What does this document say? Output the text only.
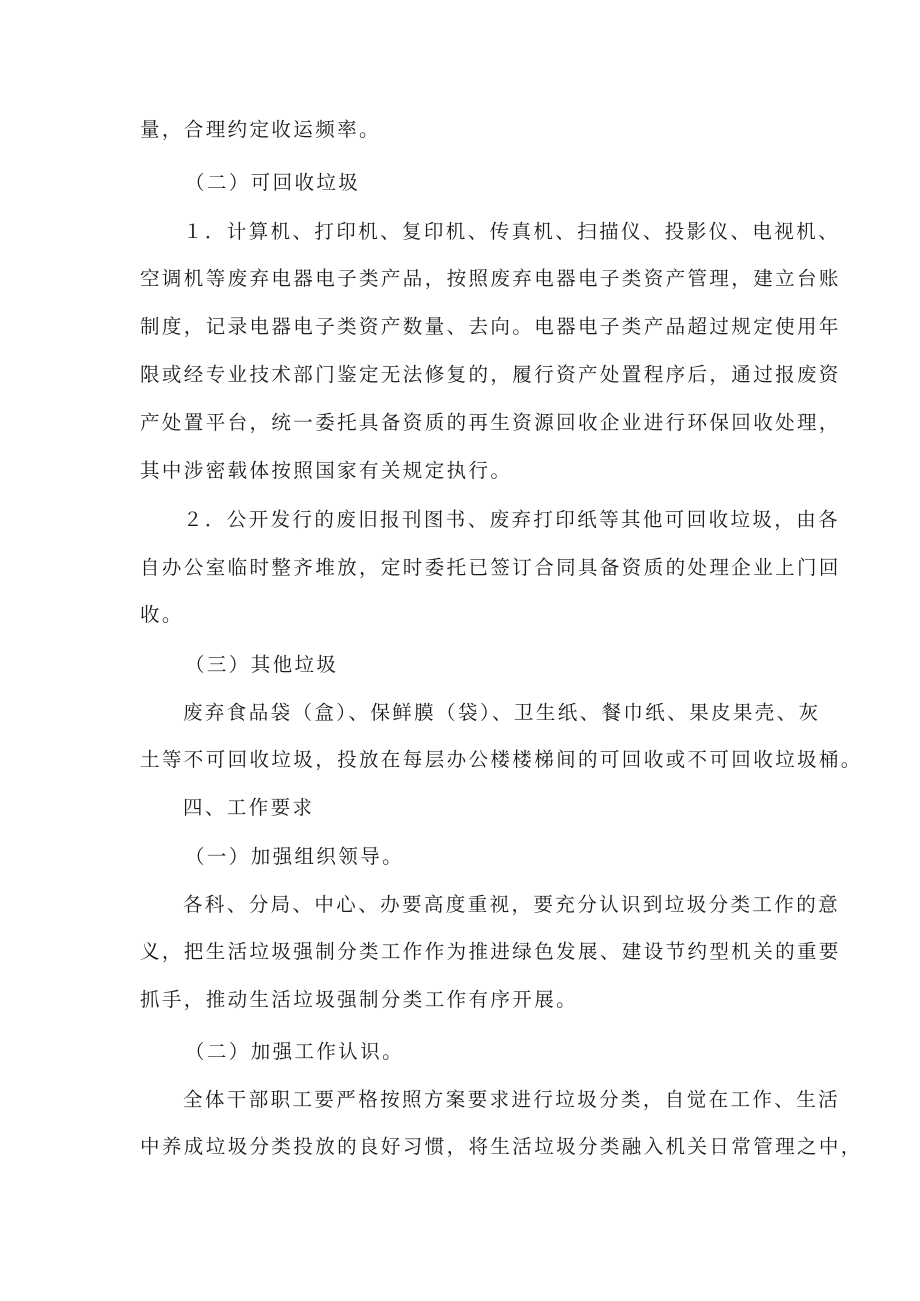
量，合理约定收运频率。
（二）可回收垃圾
１．计算机、打印机、复印机、传真机、扫描仪、投影仪、电视机、
空调机等废弃电器电子类产品，按照废弃电器电子类资产管理，建立台账
制度，记录电器电子类资产数量、去向。电器电子类产品超过规定使用年
限或经专业技术部门鉴定无法修复的，履行资产处置程序后，通过报废资
产处置平台，统一委托具备资质的再生资源回收企业进行环保回收处理，
其中涉密载体按照国家有关规定执行。
２．公开发行的废旧报刊图书、废弃打印纸等其他可回收垃圾，由各
自办公室临时整齐堆放，定时委托已签订合同具备资质的处理企业上门回
收。
（三）其他垃圾
废弃食品袋（盒）、保鲜膜（袋）、卫生纸、餐巾纸、果皮果壳、灰
土等不可回收垃圾，投放在每层办公楼楼梯间的可回收或不可回收垃圾桶。
四、工作要求
（一）加强组织领导。
各科、分局、中心、办要高度重视，要充分认识到垃圾分类工作的意
义，把生活垃圾强制分类工作作为推进绿色发展、建设节约型机关的重要
抓手，推动生活垃圾强制分类工作有序开展。
（二）加强工作认识。
全体干部职工要严格按照方案要求进行垃圾分类，自觉在工作、生活
中养成垃圾分类投放的良好习惯，将生活垃圾分类融入机关日常管理之中，
